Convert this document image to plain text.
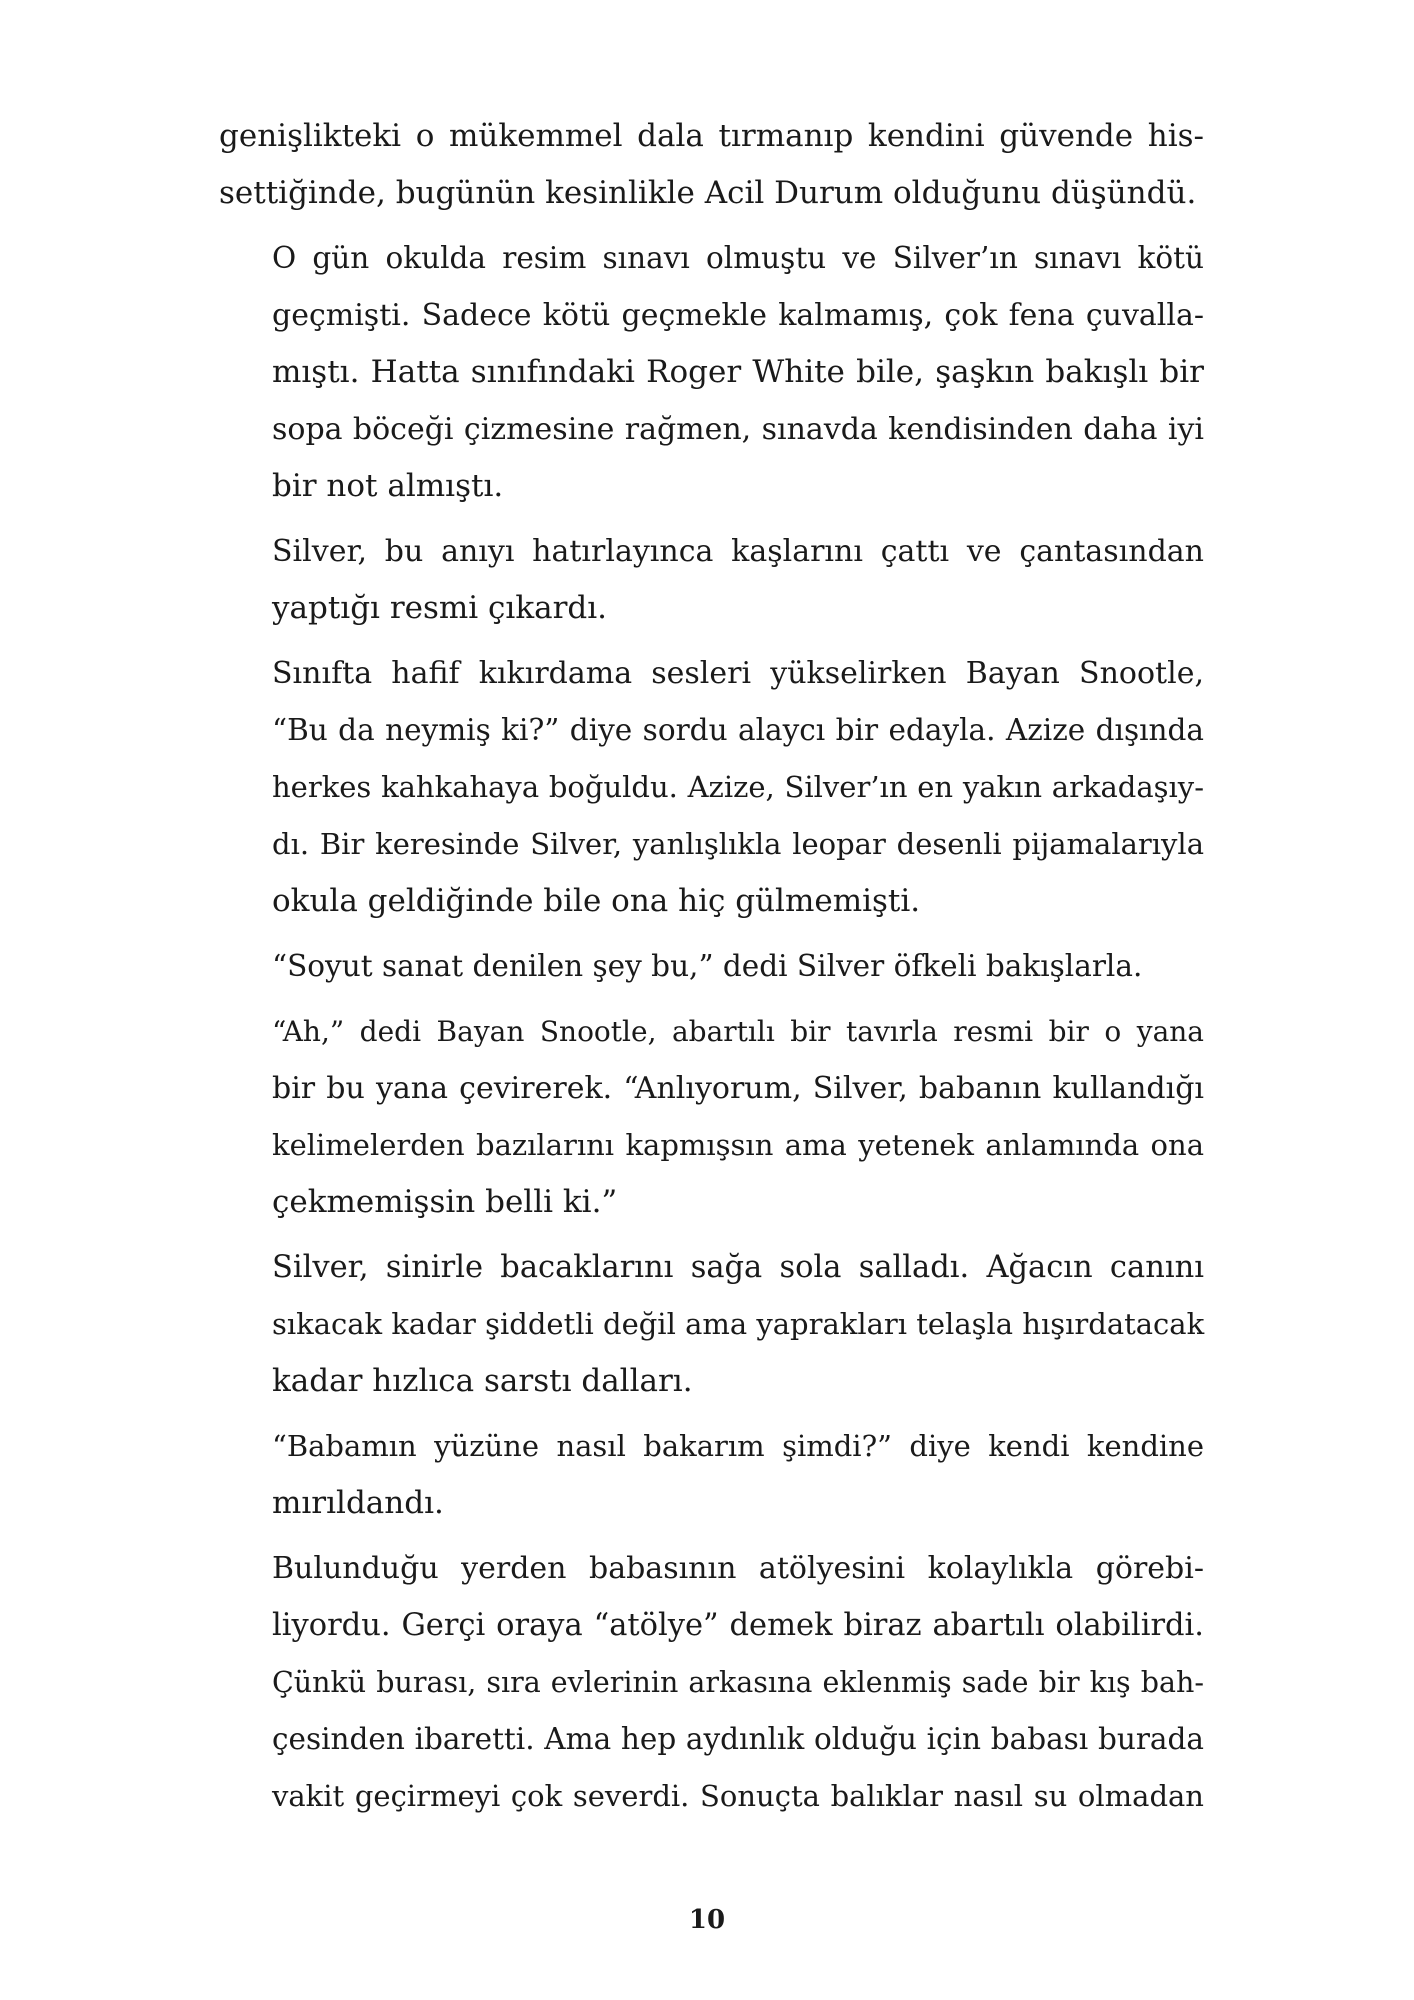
genişlikteki o mükemmel dala tırmanıp kendini güvende his-
settiğinde, bugünün kesinlikle Acil Durum olduğunu düşündü.

O gün okulda resim sınavı olmuştu ve Silver’ın sınavı kötü
geçmişti. Sadece kötü geçmekle kalmamış, çok fena çuvalla-
mıştı. Hatta sınıfındaki Roger White bile, şaşkın bakışlı bir
sopa böceği çizmesine rağmen, sınavda kendisinden daha iyi
bir not almıştı.

Silver, bu anıyı hatırlayınca kaşlarını çattı ve çantasından
yaptığı resmi çıkardı.

Sınıfta hafif kıkırdama sesleri yükselirken Bayan Snootle,
“Bu da neymiş ki?” diye sordu alaycı bir edayla. Azize dışında
herkes kahkahaya boğuldu. Azize, Silver’ın en yakın arkadaşıy-
dı. Bir keresinde Silver, yanlışlıkla leopar desenli pijamalarıyla
okula geldiğinde bile ona hiç gülmemişti.

“Soyut sanat denilen şey bu,” dedi Silver öfkeli bakışlarla.

“Ah,” dedi Bayan Snootle, abartılı bir tavırla resmi bir o yana
bir bu yana çevirerek. “Anlıyorum, Silver, babanın kullandığı
kelimelerden bazılarını kapmışsın ama yetenek anlamında ona
çekmemişsin belli ki.”

Silver, sinirle bacaklarını sağa sola salladı. Ağacın canını
sıkacak kadar şiddetli değil ama yaprakları telaşla hışırdatacak
kadar hızlıca sarstı dalları.

“Babamın yüzüne nasıl bakarım şimdi?” diye kendi kendine
mırıldandı.

Bulunduğu yerden babasının atölyesini kolaylıkla görebi-
liyordu. Gerçi oraya “atölye” demek biraz abartılı olabilirdi.
Çünkü burası, sıra evlerinin arkasına eklenmiş sade bir kış bah-
çesinden ibaretti. Ama hep aydınlık olduğu için babası burada
vakit geçirmeyi çok severdi. Sonuçta balıklar nasıl su olmadan

10
